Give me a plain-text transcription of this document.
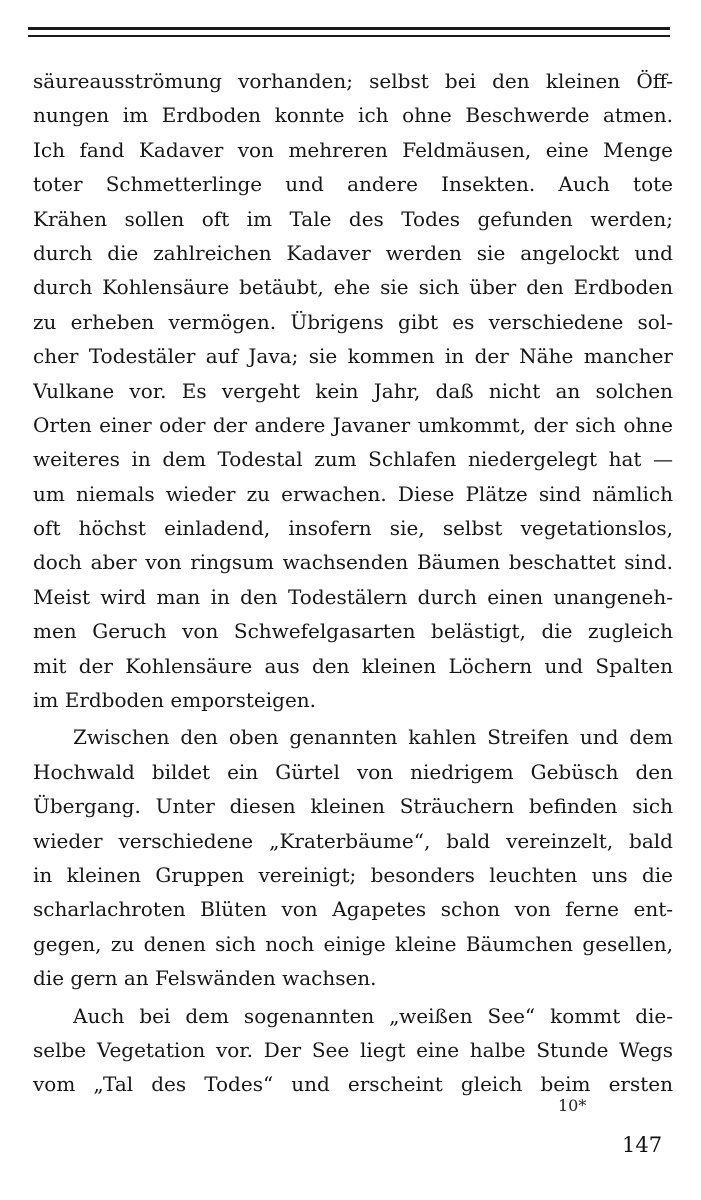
säureausströmung vorhanden; selbst bei den kleinen Öff-
nungen im Erdboden konnte ich ohne Beschwerde atmen.
Ich fand Kadaver von mehreren Feldmäusen, eine Menge
toter Schmetterlinge und andere Insekten. Auch tote
Krähen sollen oft im Tale des Todes gefunden werden;
durch die zahlreichen Kadaver werden sie angelockt und
durch Kohlensäure betäubt, ehe sie sich über den Erdboden
zu erheben vermögen. Übrigens gibt es verschiedene sol-
cher Todestäler auf Java; sie kommen in der Nähe mancher
Vulkane vor. Es vergeht kein Jahr, daß nicht an solchen
Orten einer oder der andere Javaner umkommt, der sich ohne
weiteres in dem Todestal zum Schlafen niedergelegt hat —
um niemals wieder zu erwachen. Diese Plätze sind nämlich
oft höchst einladend, insofern sie, selbst vegetationslos,
doch aber von ringsum wachsenden Bäumen beschattet sind.
Meist wird man in den Todestälern durch einen unangeneh-
men Geruch von Schwefelgasarten belästigt, die zugleich
mit der Kohlensäure aus den kleinen Löchern und Spalten
im Erdboden emporsteigen.
Zwischen den oben genannten kahlen Streifen und dem
Hochwald bildet ein Gürtel von niedrigem Gebüsch den
Übergang. Unter diesen kleinen Sträuchern befinden sich
wieder verschiedene „Kraterbäume“, bald vereinzelt, bald
in kleinen Gruppen vereinigt; besonders leuchten uns die
scharlachroten Blüten von Agapetes schon von ferne ent-
gegen, zu denen sich noch einige kleine Bäumchen gesellen,
die gern an Felswänden wachsen.
Auch bei dem sogenannten „weißen See“ kommt die-
selbe Vegetation vor. Der See liegt eine halbe Stunde Wegs
vom „Tal des Todes“ und erscheint gleich beim ersten
10*
147
